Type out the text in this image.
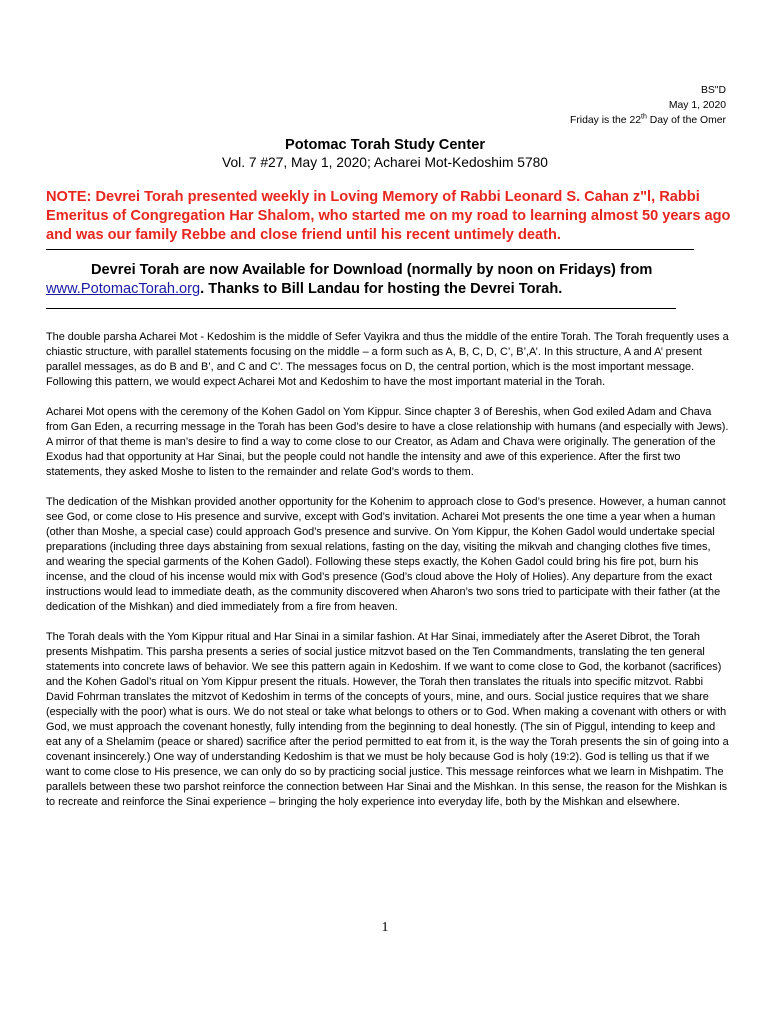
BS"D
May 1, 2020
Friday is the 22th Day of the Omer
Potomac Torah Study Center
Vol. 7 #27, May 1, 2020; Acharei Mot-Kedoshim 5780
NOTE: Devrei Torah presented weekly in Loving Memory of Rabbi Leonard S. Cahan z"l, Rabbi Emeritus of Congregation Har Shalom, who started me on my road to learning almost 50 years ago and was our family Rebbe and close friend until his recent untimely death.
Devrei Torah are now Available for Download (normally by noon on Fridays) from
www.PotomacTorah.org. Thanks to Bill Landau for hosting the Devrei Torah.

The double parsha Acharei Mot - Kedoshim is the middle of Sefer Vayikra and thus the middle of the entire Torah. The Torah frequently uses a chiastic structure, with parallel statements focusing on the middle – a form such as A, B, C, D, C’, B’,A’. In this structure, A and A’ present parallel messages, as do B and B’, and C and C’. The messages focus on D, the central portion, which is the most important message. Following this pattern, we would expect Acharei Mot and Kedoshim to have the most important material in the Torah.

Acharei Mot opens with the ceremony of the Kohen Gadol on Yom Kippur. Since chapter 3 of Bereshis, when God exiled Adam and Chava from Gan Eden, a recurring message in the Torah has been God’s desire to have a close relationship with humans (and especially with Jews). A mirror of that theme is man’s desire to find a way to come close to our Creator, as Adam and Chava were originally. The generation of the Exodus had that opportunity at Har Sinai, but the people could not handle the intensity and awe of this experience. After the first two statements, they asked Moshe to listen to the remainder and relate God’s words to them.

The dedication of the Mishkan provided another opportunity for the Kohenim to approach close to God’s presence. However, a human cannot see God, or come close to His presence and survive, except with God’s invitation. Acharei Mot presents the one time a year when a human (other than Moshe, a special case) could approach God’s presence and survive. On Yom Kippur, the Kohen Gadol would undertake special preparations (including three days abstaining from sexual relations, fasting on the day, visiting the mikvah and changing clothes five times, and wearing the special garments of the Kohen Gadol). Following these steps exactly, the Kohen Gadol could bring his fire pot, burn his incense, and the cloud of his incense would mix with God’s presence (God’s cloud above the Holy of Holies). Any departure from the exact instructions would lead to immediate death, as the community discovered when Aharon’s two sons tried to participate with their father (at the dedication of the Mishkan) and died immediately from a fire from heaven.

The Torah deals with the Yom Kippur ritual and Har Sinai in a similar fashion. At Har Sinai, immediately after the Aseret Dibrot, the Torah presents Mishpatim. This parsha presents a series of social justice mitzvot based on the Ten Commandments, translating the ten general statements into concrete laws of behavior. We see this pattern again in Kedoshim. If we want to come close to God, the korbanot (sacrifices) and the Kohen Gadol’s ritual on Yom Kippur present the rituals. However, the Torah then translates the rituals into specific mitzvot. Rabbi David Fohrman translates the mitzvot of Kedoshim in terms of the concepts of yours, mine, and ours. Social justice requires that we share (especially with the poor) what is ours. We do not steal or take what belongs to others or to God. When making a covenant with others or with God, we must approach the covenant honestly, fully intending from the beginning to deal honestly. (The sin of Piggul, intending to keep and eat any of a Shelamim (peace or shared) sacrifice after the period permitted to eat from it, is the way the Torah presents the sin of going into a covenant insincerely.) One way of understanding Kedoshim is that we must be holy because God is holy (19:2). God is telling us that if we want to come close to His presence, we can only do so by practicing social justice. This message reinforces what we learn in Mishpatim. The parallels between these two parshot reinforce the connection between Har Sinai and the Mishkan. In this sense, the reason for the Mishkan is to recreate and reinforce the Sinai experience – bringing the holy experience into everyday life, both by the Mishkan and elsewhere.

1
